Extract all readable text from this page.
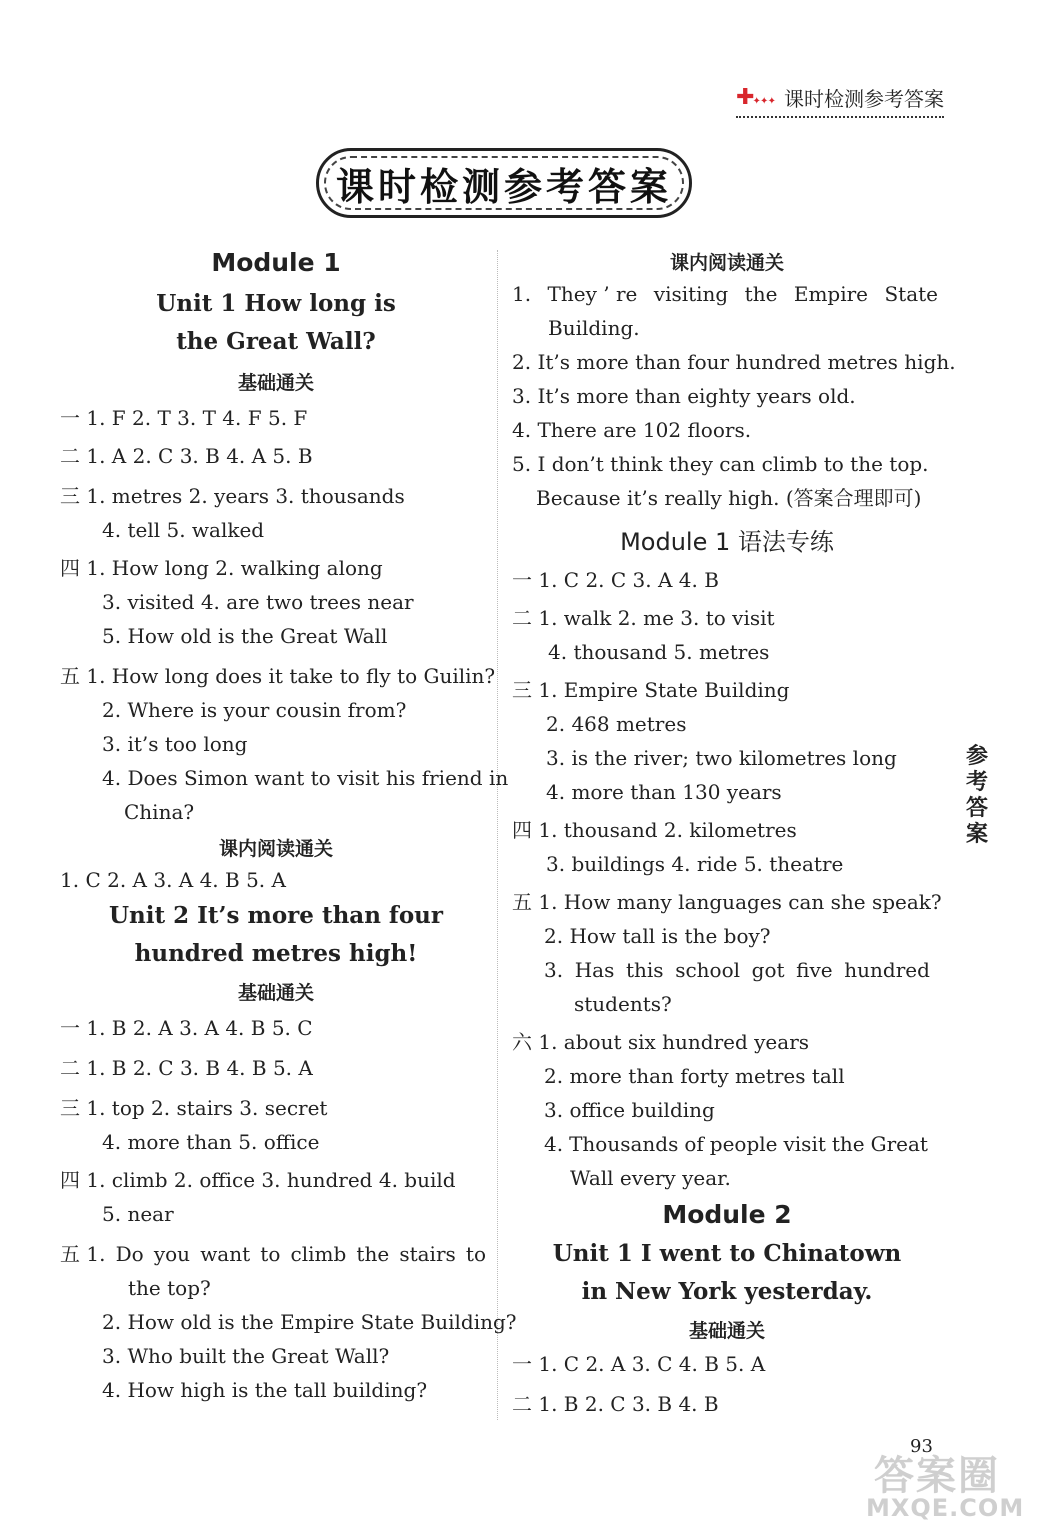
✚✦ ✦ ✦ 课时检测参考答案
课时检测参考答案
Module 1
Unit 1 How long is
the Great Wall?
基础通关
一 1. F 2. T 3. T 4. F 5. F
二 1. A 2. C 3. B 4. A 5. B
三 1. metres 2. years 3. thousands
4. tell 5. walked
四 1. How long 2. walking along
3. visited 4. are two trees near
5. How old is the Great Wall
五 1. How long does it take to fly to Guilin?
2. Where is your cousin from?
3. it’s too long
4. Does Simon want to visit his friend in
China?
课内阅读通关
1. C 2. A 3. A 4. B 5. A
Unit 2 It’s more than four
hundred metres high!
基础通关
一 1. B 2. A 3. A 4. B 5. C
二 1. B 2. C 3. B 4. B 5. A
三 1. top 2. stairs 3. secret
4. more than 5. office
四 1. climb 2. office 3. hundred 4. build
5. near
五 1. Do you want to climb the stairs to
the top?
2. How old is the Empire State Building?
3. Who built the Great Wall?
4. How high is the tall building?
课内阅读通关
1. They ’ re visiting the Empire State
Building.
2. It’s more than four hundred metres high.
3. It’s more than eighty years old.
4. There are 102 floors.
5. I don’t think they can climb to the top.
Because it’s really high. (答案合理即可)
Module 1 语法专练
一 1. C 2. C 3. A 4. B
二 1. walk 2. me 3. to visit
4. thousand 5. metres
三 1. Empire State Building
2. 468 metres
3. is the river; two kilometres long
4. more than 130 years
四 1. thousand 2. kilometres
3. buildings 4. ride 5. theatre
五 1. How many languages can she speak?
2. How tall is the boy?
3. Has this school got five hundred
students?
六 1. about six hundred years
2. more than forty metres tall
3. office building
4. Thousands of people visit the Great
Wall every year.
Module 2
Unit 1 I went to Chinatown
in New York yesterday.
基础通关
一 1. C 2. A 3. C 4. B 5. A
二 1. B 2. C 3. B 4. B
参考答案
答案圈
MXQE.COM
93
